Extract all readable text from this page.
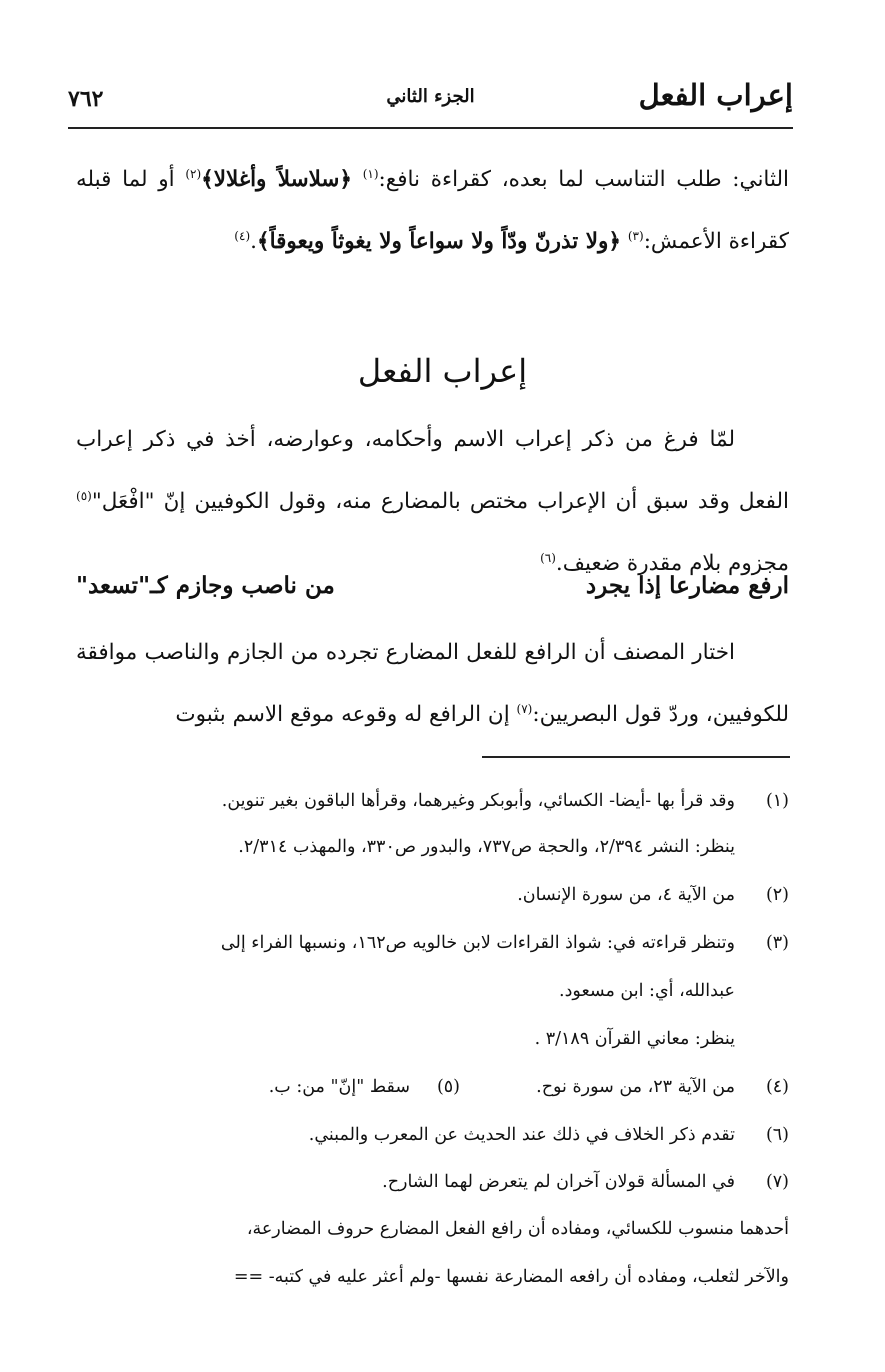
إعراب الفعل
الجزء الثاني
٧٦٢
الثاني: طلب التناسب لما بعده، كقراءة نافع:$^{(١)}$ ﴿سلاسلاً وأغلالا﴾$^{(٢)}$ أو لما قبله كقراءة الأعمش:$^{(٣)}$ ﴿ولا تذرنّ ودّاً ولا سواعاً ولا يغوثاً ويعوقاً﴾.$^{(٤)}$
إعراب الفعل
لمّا فرغ من ذكر إعراب الاسم وأحكامه، وعوارضه، أخذ في ذكر إعراب الفعل وقد سبق أن الإعراب مختص بالمضارع منه، وقول الكوفيين إنّ "افْعَل"$^{(٥)}$ مجزوم بلام مقدرة ضعيف.$^{(٦)}$
ارفع مضارعا إذا يجرد
من ناصب وجازم كـ"تسعد"
اختار المصنف أن الرافع للفعل المضارع تجرده من الجازم والناصب موافقة للكوفيين، وردّ قول البصريين:$^{(٧)}$ إن الرافع له وقوعه موقع الاسم بثبوت
(١)
وقد قرأ بها -أيضا- الكسائي، وأبوبكر وغيرهما، وقرأها الباقون بغير تنوين.
ينظر: النشر ٢/٣٩٤، والحجة ص٧٣٧، والبدور ص٣٣٠، والمهذب ٢/٣١٤.
(٢)
من الآية ٤، من سورة الإنسان.
(٣)
وتنظر قراءته في: شواذ القراءات لابن خالويه ص١٦٢، ونسبها الفراء إلى
عبدالله، أي: ابن مسعود.
ينظر: معاني القرآن ٣/١٨٩ .
(٤)
من الآية ٢٣، من سورة نوح.
(٥)
سقط "إنّ" من: ب.
(٦)
تقدم ذكر الخلاف في ذلك عند الحديث عن المعرب والمبني.
(٧)
في المسألة قولان آخران لم يتعرض لهما الشارح.
أحدهما منسوب للكسائي، ومفاده أن رافع الفعل المضارع حروف المضارعة،
والآخر لثعلب، ومفاده أن رافعه المضارعة نفسها -ولم أعثر عليه في كتبه- ==
